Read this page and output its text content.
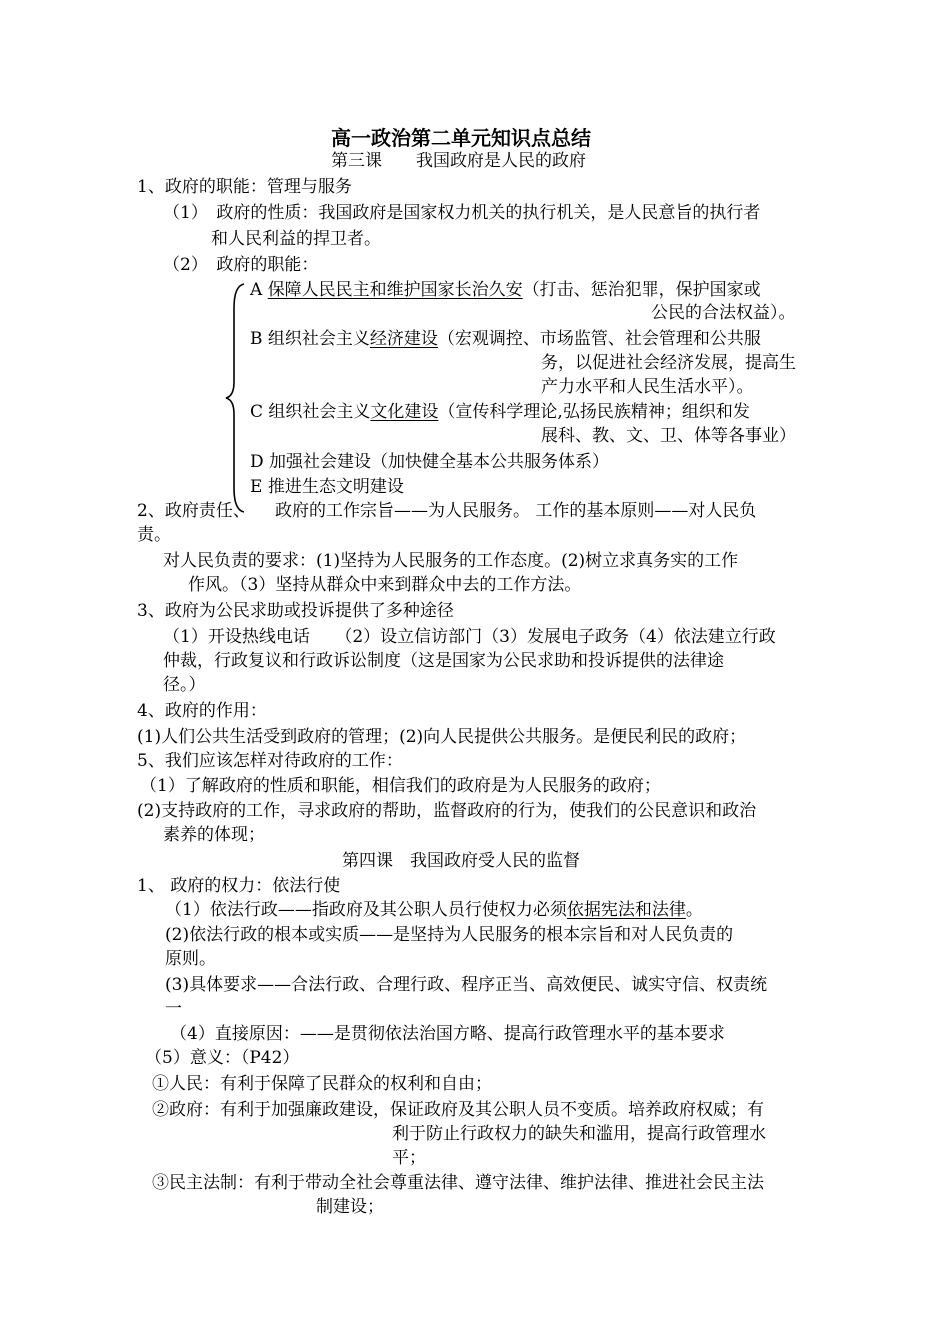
高一政治第二单元知识点总结
第三课　　我国政府是人民的政府
1、政府的职能：管理与服务
（1）　政府的性质：我国政府是国家权力机关的执行机关，是人民意旨的执行者
和人民利益的捍卫者。
（2）　政府的职能：
A 保障人民民主和维护国家长治久安（打击、惩治犯罪，保护国家或
公民的合法权益）。
B 组织社会主义经济建设（宏观调控、市场监管、社会管理和公共服
务，以促进社会经济发展，提高生
产力水平和人民生活水平）。
C 组织社会主义文化建设（宣传科学理论,弘扬民族精神；组织和发
展科、教、文、卫、体等各事业）
D 加强社会建设（加快健全基本公共服务体系）
E 推进生态文明建设
2、政府责任、 政府的工作宗旨——为人民服务。 工作的基本原则——对人民负
责。
对人民负责的要求：(1)坚持为人民服务的工作态度。(2)树立求真务实的工作
作风。（3）坚持从群众中来到群众中去的工作方法。
3、政府为公民求助或投诉提供了多种途径
（1）开设热线电话　　（2）设立信访部门（3）发展电子政务（4）依法建立行政
仲裁，行政复议和行政诉讼制度（这是国家为公民求助和投诉提供的法律途
径。）
4、政府的作用：
(1)人们公共生活受到政府的管理；(2)向人民提供公共服务。是便民利民的政府；
5、我们应该怎样对待政府的工作：
（1）了解政府的性质和职能，相信我们的政府是为人民服务的政府；
(2)支持政府的工作，寻求政府的帮助，监督政府的行为，使我们的公民意识和政治
素养的体现；
第四课　我国政府受人民的监督
1、 政府的权力：依法行使
（1）依法行政——指政府及其公职人员行使权力必须依据宪法和法律。
(2)依法行政的根本或实质——是坚持为人民服务的根本宗旨和对人民负责的
原则。
(3)具体要求——合法行政、合理行政、程序正当、高效便民、诚实守信、权责统
一
（4）直接原因：——是贯彻依法治国方略、提高行政管理水平的基本要求
（5）意义：（P42）
①人民：有利于保障了民群众的权利和自由；
②政府：有利于加强廉政建设，保证政府及其公职人员不变质。培养政府权威；有
利于防止行政权力的缺失和滥用，提高行政管理水
平；
③民主法制：有利于带动全社会尊重法律、遵守法律、维护法律、推进社会民主法
制建设；
